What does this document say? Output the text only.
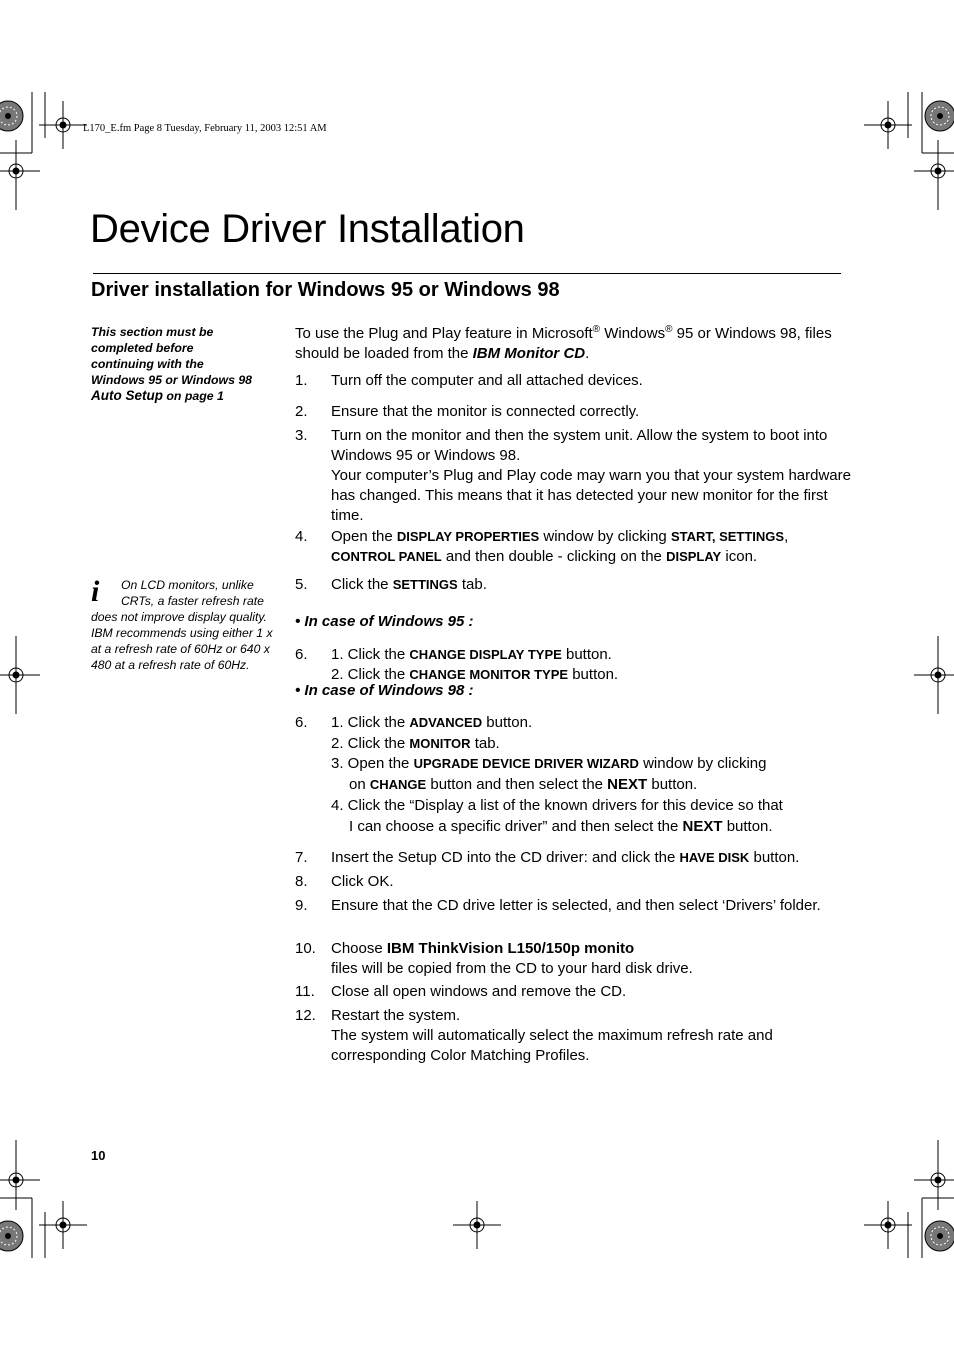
L170_E.fm Page 8 Tuesday, February 11, 2003 12:51 AM
Device Driver Installation
Driver installation for Windows 95 or Windows 98
This section must be
completed before
continuing with the
Windows 95 or Windows 98
Auto Setup on page 1
i	On LCD monitors, unlike CRTs, a faster refresh rate does not improve display quality. IBM recommends using either 1 x at a refresh rate of 60Hz or 640 x 480 at a refresh rate of 60Hz.
To use the Plug and Play feature in Microsoft® Windows® 95 or Windows 98, files should be loaded from the IBM Monitor CD.
1. Turn off the computer and all attached devices.
2. Ensure that the monitor is connected correctly.
3. Turn on the monitor and then the system unit. Allow the system to boot into Windows 95 or Windows 98.
Your computer’s Plug and Play code may warn you that your system hardware has changed. This means that it has detected your new monitor for the first time.
4. Open the DISPLAY PROPERTIES window by clicking START, SETTINGS, CONTROL PANEL and then double - clicking on the DISPLAY icon.
5. Click the SETTINGS tab.
• In case of Windows 95 :
6. 1. Click the CHANGE DISPLAY TYPE button.
2. Click the CHANGE MONITOR TYPE button.
• In case of Windows 98 :
6. 1. Click the ADVANCED button.
2. Click the MONITOR tab.
3. Open the UPGRADE DEVICE DRIVER WIZARD window by clicking
on CHANGE button and then select the NEXT button.
4. Click the “Display a list of the known drivers for this device so that
I can choose a specific driver” and then select the NEXT button.
7. Insert the Setup CD into the CD driver: and click the HAVE DISK button.
8. Click OK.
9. Ensure that the CD drive letter is selected, and then select ‘Drivers’ folder.
10. Choose IBM ThinkVision L150/150p monito
files will be copied from the CD to your hard disk drive.
11. Close all open windows and remove the CD.
12. Restart the system.
The system will automatically select the maximum refresh rate and corresponding Color Matching Profiles.
10
